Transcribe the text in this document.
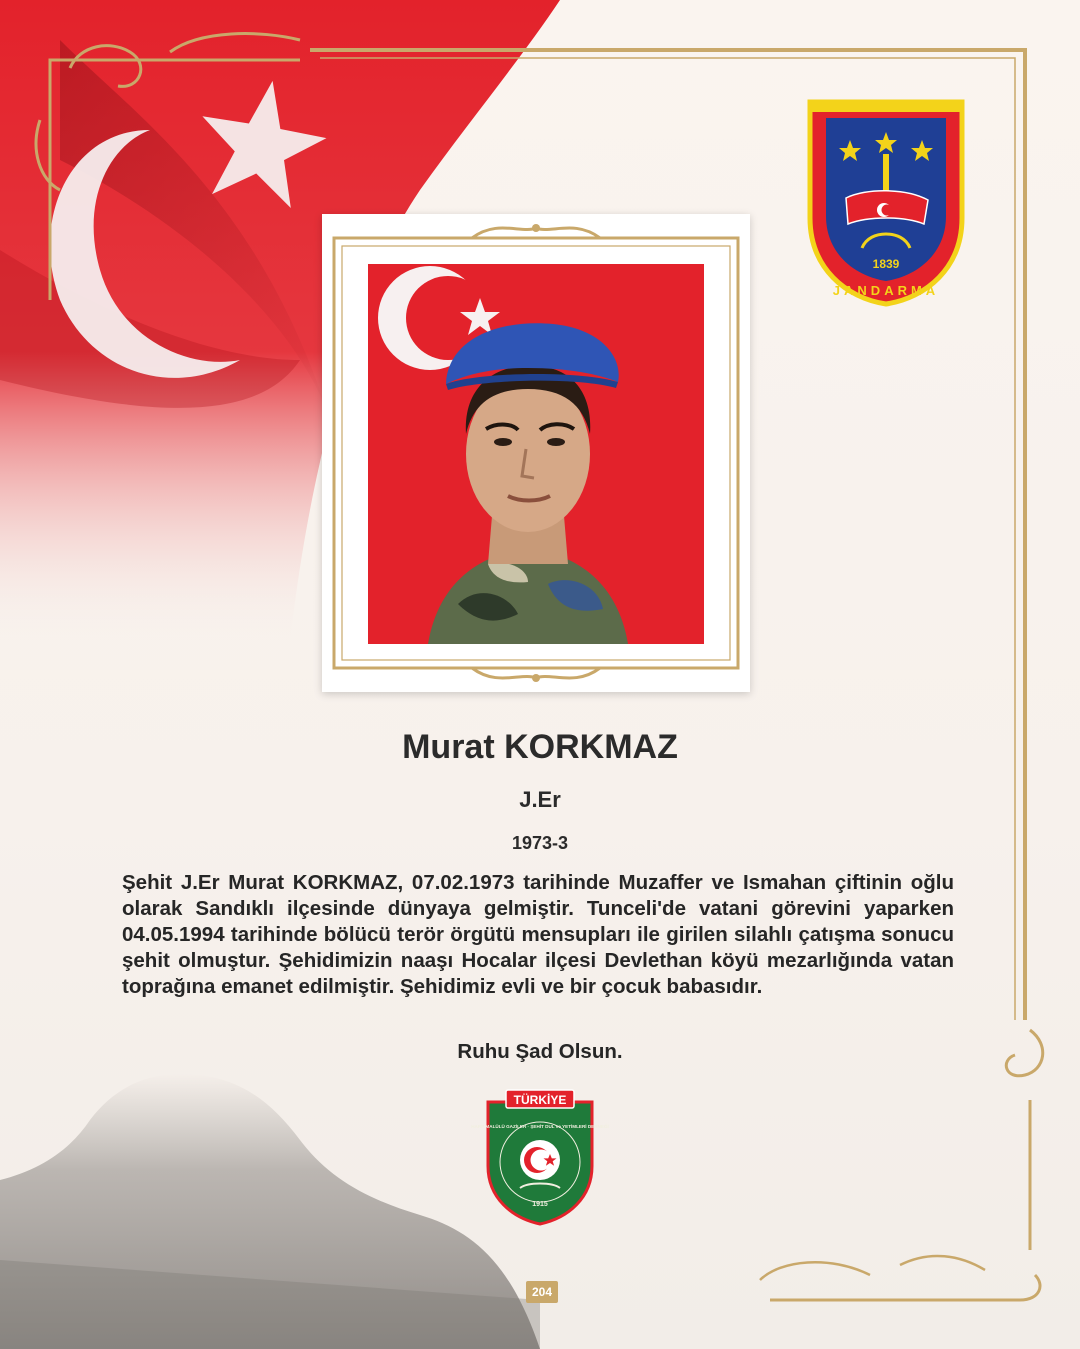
1839
JANDARMA
Murat KORKMAZ
J.Er
1973-3
Şehit J.Er Murat KORKMAZ, 07.02.1973 tarihinde Muzaffer ve Ismahan çiftinin oğlu olarak Sandıklı ilçesinde dünyaya gelmiştir. Tunceli'de vatani görevini yaparken 04.05.1994 tarihinde bölücü terör örgütü mensupları ile girilen silahlı çatışma sonucu şehit olmuştur. Şehidimizin naaşı Hocalar ilçesi Devlethan köyü mezarlığında vatan toprağına emanet edilmiştir. Şehidimiz evli ve bir çocuk babasıdır.
Ruhu Şad Olsun.
TÜRKİYE
HARP MALÜLÜ GAZİLER · ŞEHİT DUL ve YETİMLERİ DERNEĞİ
1915
204
